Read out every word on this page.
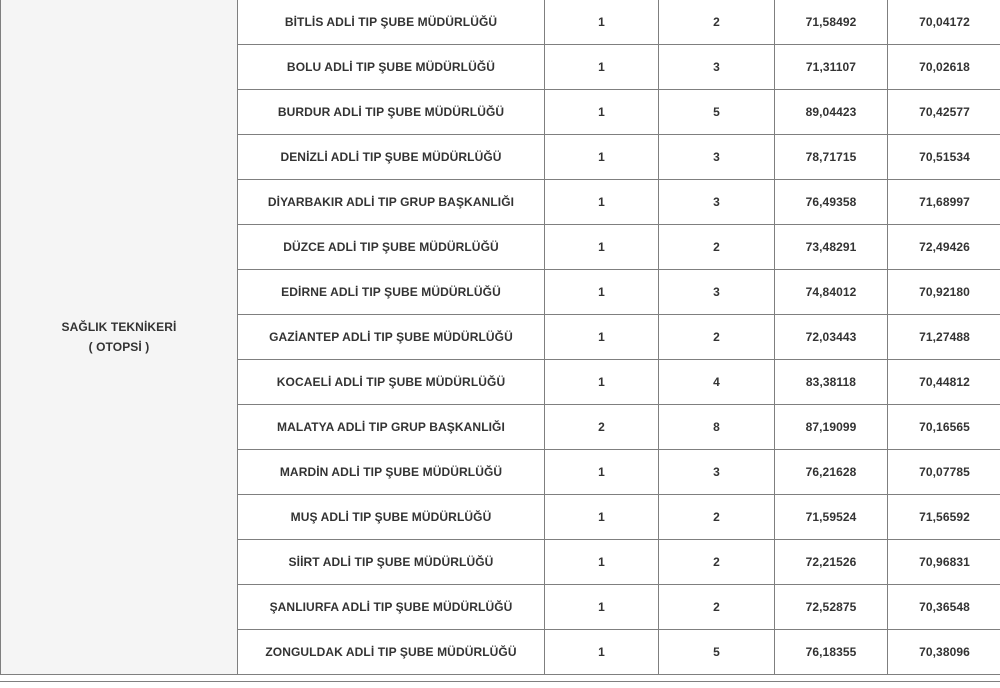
SAĞLIK TEKNİKERİ
( OTOPSİ )	BİTLİS ADLİ TIP ŞUBE MÜDÜRLÜĞÜ	1	2	71,58492	70,04172
	BOLU ADLİ TIP ŞUBE MÜDÜRLÜĞÜ	1	3	71,31107	70,02618
	BURDUR ADLİ TIP ŞUBE MÜDÜRLÜĞÜ	1	5	89,04423	70,42577
	DENİZLİ ADLİ TIP ŞUBE MÜDÜRLÜĞÜ	1	3	78,71715	70,51534
	DİYARBAKIR ADLİ TIP GRUP BAŞKANLIĞI	1	3	76,49358	71,68997
	DÜZCE ADLİ TIP ŞUBE MÜDÜRLÜĞÜ	1	2	73,48291	72,49426
	EDİRNE ADLİ TIP ŞUBE MÜDÜRLÜĞÜ	1	3	74,84012	70,92180
	GAZİANTEP ADLİ TIP ŞUBE MÜDÜRLÜĞÜ	1	2	72,03443	71,27488
	KOCAELİ ADLİ TIP ŞUBE MÜDÜRLÜĞÜ	1	4	83,38118	70,44812
	MALATYA ADLİ TIP GRUP BAŞKANLIĞI	2	8	87,19099	70,16565
	MARDİN ADLİ TIP ŞUBE MÜDÜRLÜĞÜ	1	3	76,21628	70,07785
	MUŞ ADLİ TIP ŞUBE MÜDÜRLÜĞÜ	1	2	71,59524	71,56592
	SİİRT ADLİ TIP ŞUBE MÜDÜRLÜĞÜ	1	2	72,21526	70,96831
	ŞANLIURFA ADLİ TIP ŞUBE MÜDÜRLÜĞÜ	1	2	72,52875	70,36548
	ZONGULDAK ADLİ TIP ŞUBE MÜDÜRLÜĞÜ	1	5	76,18355	70,38096
